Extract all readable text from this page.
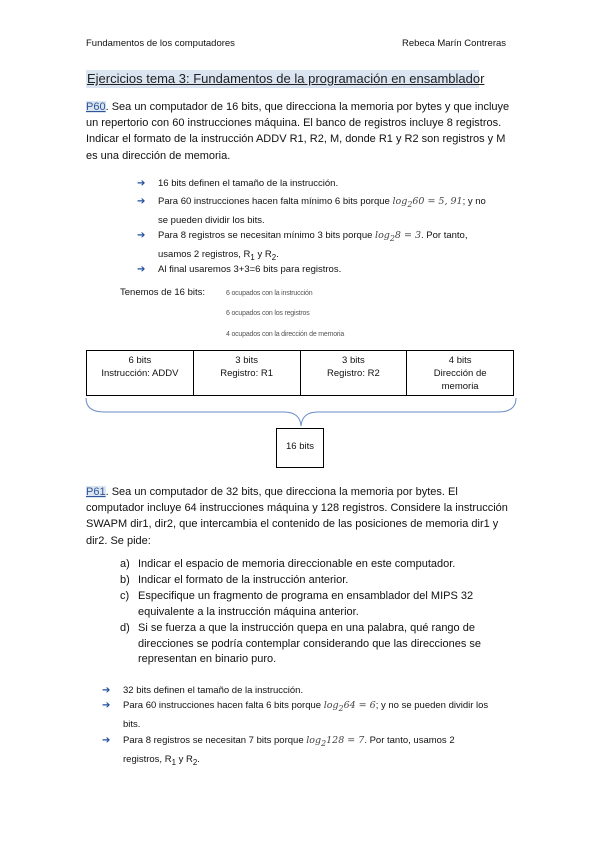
Fundamentos de los computadores	Rebeca Marín Contreras
Ejercicios tema 3: Fundamentos de la programación en ensamblador
P60. Sea un computador de 16 bits, que direcciona la memoria por bytes y que incluye
un repertorio con 60 instrucciones máquina. El banco de registros incluye 8 registros.
Indicar el formato de la instrucción ADDV R1, R2, M, donde R1 y R2 son registros y M
es una dirección de memoria.
➔ 16 bits definen el tamaño de la instrucción.
➔ Para 60 instrucciones hacen falta mínimo 6 bits porque $\log_260 = 5$, 91; y no
se pueden dividir los bits.
➔ Para 8 registros se necesitan mínimo 3 bits porque $\log_28 = 3$. Por tanto,
usamos 2 registros, $R_1$ y $R_2$.
➔ Al final usaremos 3+3=6 bits para registros.
Tenemos de 16 bits:	6 ocupados con la instrucción
6 ocupados con los registros
4 ocupados con la dirección de memoria
6 bits
Instrucción: ADDV
3 bits
Registro: R1
3 bits
Registro: R2
4 bits
Dirección de
memoria
16 bits
P61. Sea un computador de 32 bits, que direcciona la memoria por bytes. El
computador incluye 64 instrucciones máquina y 128 registros. Considere la instrucción
SWAPM dir1, dir2, que intercambia el contenido de las posiciones de memoria dir1 y
dir2. Se pide:
a) Indicar el espacio de memoria direccionable en este computador.
b) Indicar el formato de la instrucción anterior.
c) Especifique un fragmento de programa en ensamblador del MIPS 32
equivalente a la instrucción máquina anterior.
d) Si se fuerza a que la instrucción quepa en una palabra, qué rango de
direcciones se podría contemplar considerando que las direcciones se
representan en binario puro.
➔ 32 bits definen el tamaño de la instrucción.
➔ Para 60 instrucciones hacen falta 6 bits porque $\log_264 = 6$; y no se pueden dividir los
bits.
➔ Para 8 registros se necesitan 7 bits porque $\log_2128 = 7$. Por tanto, usamos 2
registros, $R_1$ y $R_2$.
